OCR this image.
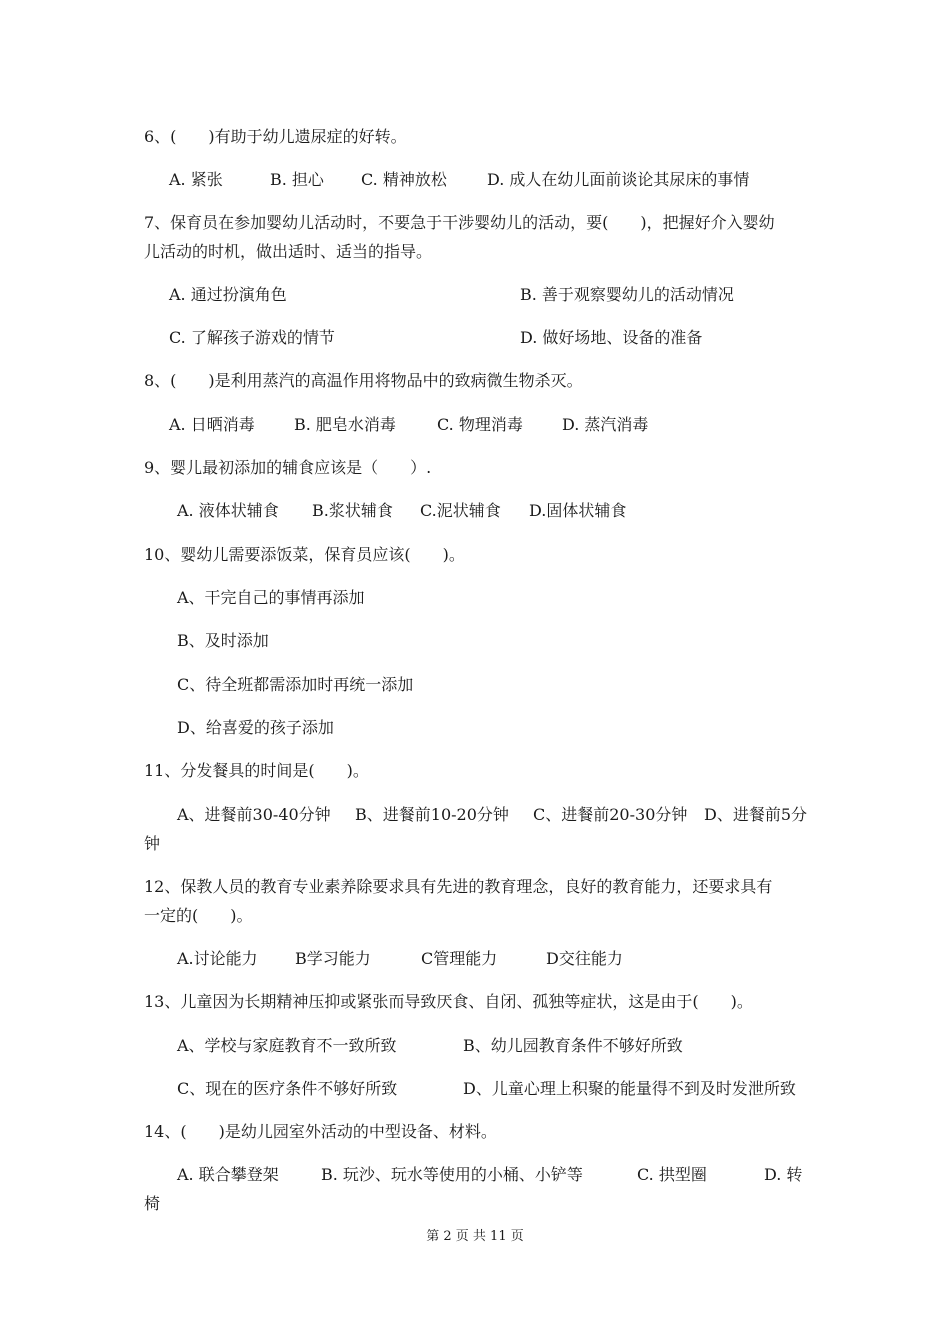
6、(　　)有助于幼儿遗尿症的好转。
A. 紧张	B. 担心 C. 精神放松	D. 成人在幼儿面前谈论其尿床的事情
7、保育员在参加婴幼儿活动时，不要急于干涉婴幼儿的活动，要(　　)，把握好介入婴幼
儿活动的时机，做出适时、适当的指导。
A. 通过扮演角色	B. 善于观察婴幼儿的活动情况
C. 了解孩子游戏的情节	D. 做好场地、设备的准备
8、(　　)是利用蒸汽的高温作用将物品中的致病微生物杀灭。
A. 日晒消毒 B. 肥皂水消毒	C. 物理消毒 D. 蒸汽消毒
9、婴儿最初添加的辅食应该是（　　）.
A. 液体状辅食 B.浆状辅食 C.泥状辅食 D.固体状辅食
10、婴幼儿需要添饭菜，保育员应该(　　)。
A、干完自己的事情再添加
B、及时添加
C、待全班都需添加时再统一添加
D、给喜爱的孩子添加
11、分发餐具的时间是(　　)。
A、进餐前30-40分钟 B、进餐前10-20分钟 C、进餐前20-30分钟 D、进餐前5分
钟
12、保教人员的教育专业素养除要求具有先进的教育理念，良好的教育能力，还要求具有
一定的(　　)。
A.讨论能力 B学习能力	C管理能力	D交往能力
13、儿童因为长期精神压抑或紧张而导致厌食、自闭、孤独等症状，这是由于(　　)。
A、学校与家庭教育不一致所致	B、幼儿园教育条件不够好所致
C、现在的医疗条件不够好所致	D、儿童心理上积聚的能量得不到及时发泄所致
14、(　　)是幼儿园室外活动的中型设备、材料。
A. 联合攀登架	B. 玩沙、玩水等使用的小桶、小铲等	C. 拱型圈	D. 转
椅
第 2 页 共 11 页
